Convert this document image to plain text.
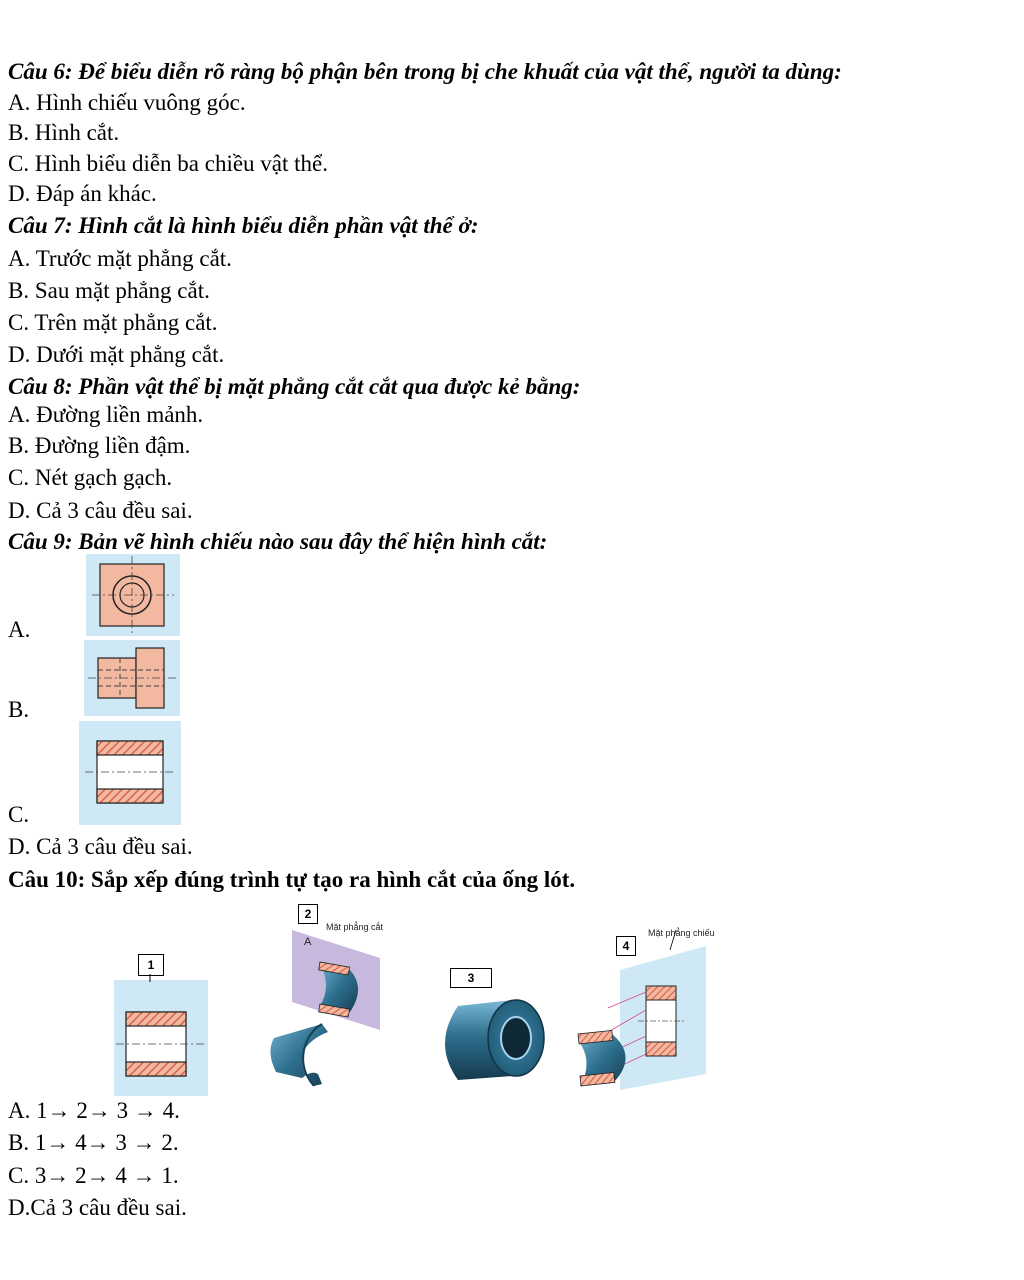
Câu 6: Để biểu diễn rõ ràng bộ phận bên trong bị che khuất của vật thể, người ta dùng:
A. Hình chiếu vuông góc.
B. Hình cắt.
C. Hình biểu diễn ba chiều vật thể.
D. Đáp án khác.
Câu 7: Hình cắt là hình biểu diễn phần vật thể ở:
A. Trước mặt phẳng cắt.
B. Sau mặt phẳng cắt.
C. Trên mặt phẳng cắt.
D. Dưới mặt phẳng cắt.
Câu 8: Phần vật thể bị mặt phẳng cắt cắt qua được kẻ bằng:
A. Đường liền mảnh.
B. Đường liền đậm.
C. Nét gạch gạch.
D. Cả 3 câu đều sai.
Câu 9: Bản vẽ hình chiếu nào sau đây thể hiện hình cắt:
A.
B.
C.
D. Cả 3 câu đều sai.
Câu 10: Sắp xếp đúng trình tự tạo ra hình cắt của ống lót.
1
2
Mặt phẳng cắt
A
3
4
Mặt phẳng chiếu
A. 1→ 2→ 3 → 4.
B. 1→ 4→ 3 → 2.
C. 3→ 2→ 4 → 1.
D.Cả 3 câu đều sai.
